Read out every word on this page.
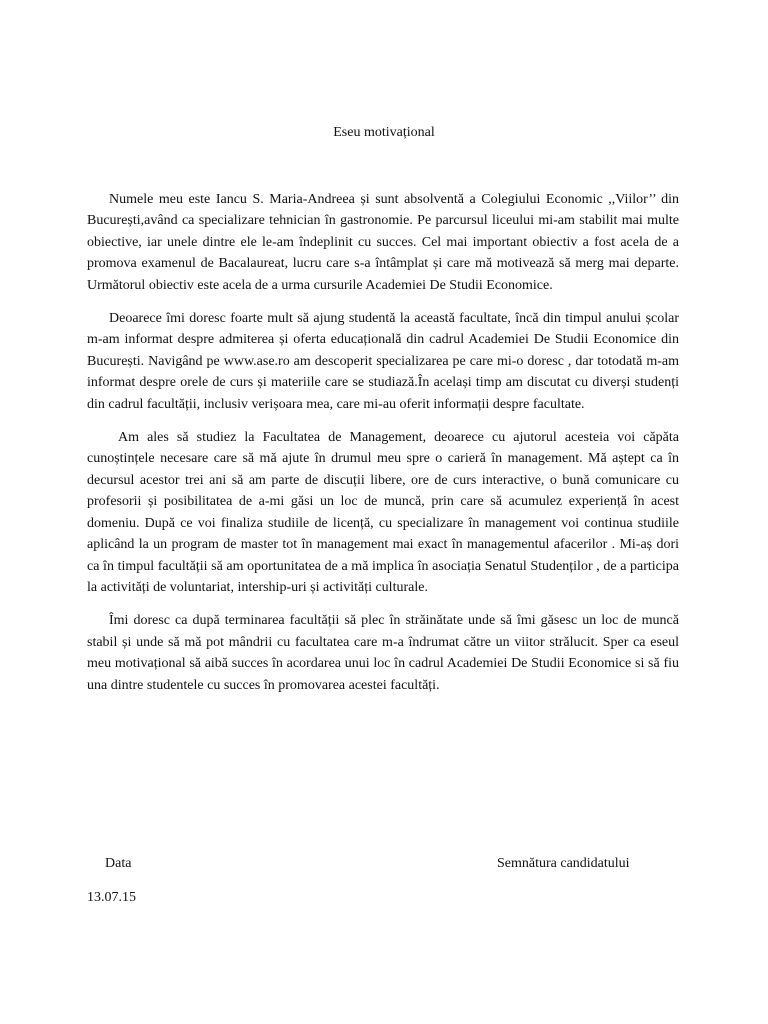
Eseu motivațional

Numele meu este Iancu S. Maria-Andreea și sunt absolventă a Colegiului Economic ,,Viilor’’ din București,având ca specializare tehnician în gastronomie. Pe parcursul liceului mi-am stabilit mai multe obiective, iar unele dintre ele le-am îndeplinit cu succes. Cel mai important obiectiv a fost acela de a promova examenul de Bacalaureat, lucru care s-a întâmplat și care mă motivează să merg mai departe. Următorul obiectiv este acela de a urma cursurile Academiei De Studii Economice.

Deoarece îmi doresc foarte mult să ajung studentă la această facultate, încă din timpul anului școlar m-am informat despre admiterea și oferta educațională din cadrul Academiei De Studii Economice din București. Navigând pe www.ase.ro am descoperit specializarea pe care mi-o doresc , dar totodată m-am informat despre orele de curs și materiile care se studiază.În același timp am discutat cu diverși studenți din cadrul facultății, inclusiv verișoara mea, care mi-au oferit informații despre facultate.

Am ales să studiez la Facultatea de Management, deoarece cu ajutorul acesteia voi căpăta cunoștințele necesare care să mă ajute în drumul meu spre o carieră în management. Mă aștept ca în decursul acestor trei ani să am parte de discuții libere, ore de curs interactive, o bună comunicare cu profesorii și posibilitatea de a-mi găsi un loc de muncă, prin care să acumulez experiență în acest domeniu. După ce voi finaliza studiile de licență, cu specializare în management voi continua studiile aplicând la un program de master tot în management mai exact în managementul afacerilor . Mi-aș dori ca în timpul facultății să am oportunitatea de a mă implica în asociația Senatul Studenților , de a participa la activități de voluntariat, intership-uri și activități culturale.

Îmi doresc ca după terminarea facultății să plec în străinătate unde să îmi găsesc un loc de muncă stabil și unde să mă pot mândrii cu facultatea care m-a îndrumat către un viitor strălucit. Sper ca eseul meu motivațional să aibă succes în acordarea unui loc în cadrul Academiei De Studii Economice si să fiu una dintre studentele cu succes în promovarea acestei facultăți.

Data	Semnătura candidatului
13.07.15
